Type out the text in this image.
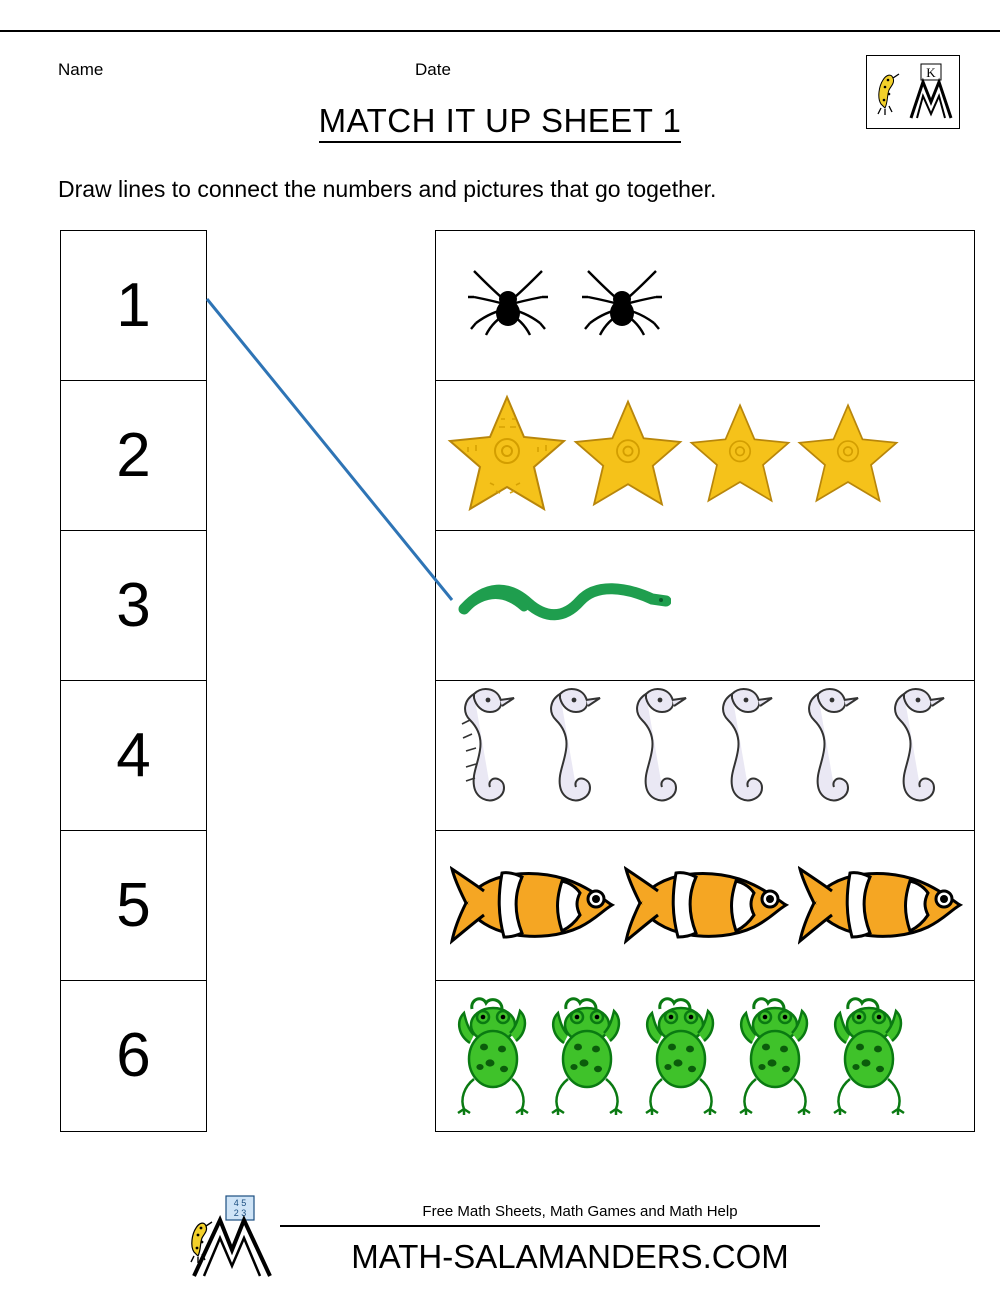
Name	Date	K
MATCH IT UP SHEET 1
Draw lines to connect the numbers and pictures that go together.
1
2
3
4
5
6
4 5
2 3	Free Math Sheets, Math Games and Math Help
MATH-SALAMANDERS.COM
